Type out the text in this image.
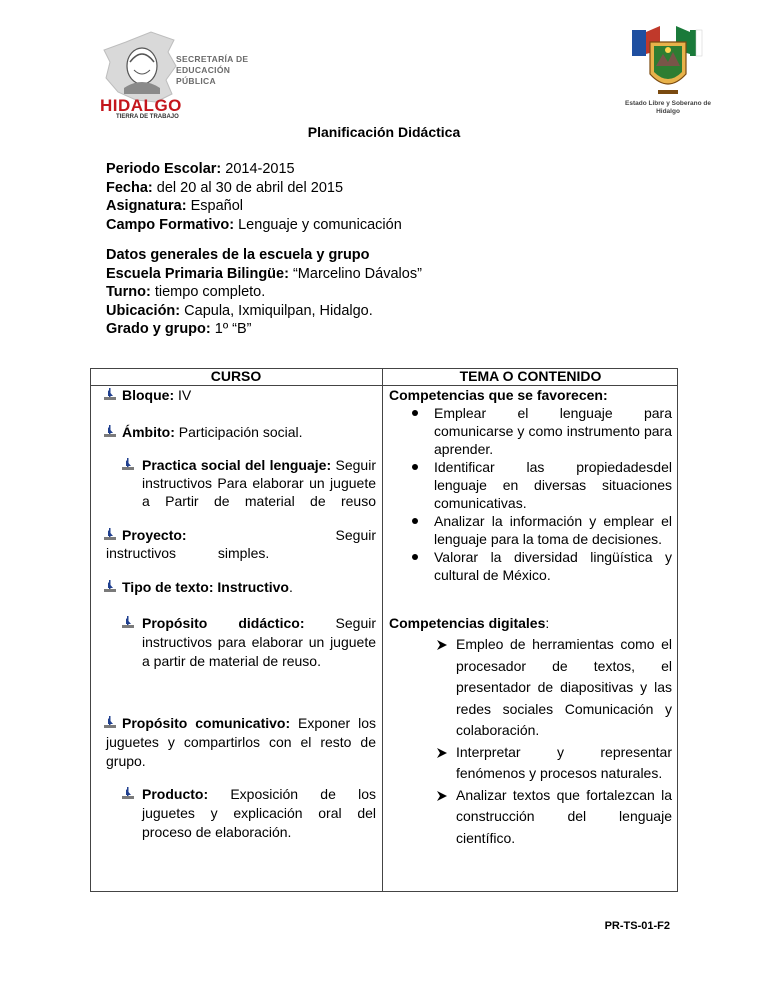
SECRETARÍA DE
EDUCACIÓN
PÚBLICA
HIDALGO
TIERRA DE TRABAJO
Estado Libre y Soberano de Hidalgo
Planificación Didáctica
Periodo Escolar: 2014-2015
Fecha: del 20 al 30 de abril del 2015
Asignatura: Español
Campo Formativo: Lenguaje y comunicación
Datos generales de la escuela y grupo
Escuela Primaria Bilingüe: “Marcelino Dávalos”
Turno: tiempo completo.
Ubicación: Capula, Ixmiquilpan, Hidalgo.
Grado y grupo: 1º “B”
CURSO	TEMA O CONTENIDO
Bloque: IV
Ámbito: Participación social.
Practica social del lenguaje: Seguir instructivos Para elaborar un juguete a Partir de material de reuso
Proyecto: Seguir instructivos simples.
Tipo de texto: Instructivo.
Propósito didáctico: Seguir instructivos para elaborar un juguete a partir de material de reuso.
Propósito comunicativo: Exponer los juguetes y compartirlos con el resto de grupo.
Producto: Exposición de los juguetes y explicación oral del proceso de elaboración.
Competencias que se favorecen:
Emplear el lenguaje para comunicarse y como instrumento para aprender.
Identificar las propiedadesdel lenguaje en diversas situaciones comunicativas.
Analizar la información y emplear el lenguaje para la toma de decisiones.
Valorar la diversidad lingüística y cultural de México.
Competencias digitales:
Empleo de herramientas como el procesador de textos, el presentador de diapositivas y las redes sociales Comunicación y colaboración.
Interpretar y representar fenómenos y procesos naturales.
Analizar textos que fortalezcan la construcción del lenguaje científico.
PR-TS-01-F2
